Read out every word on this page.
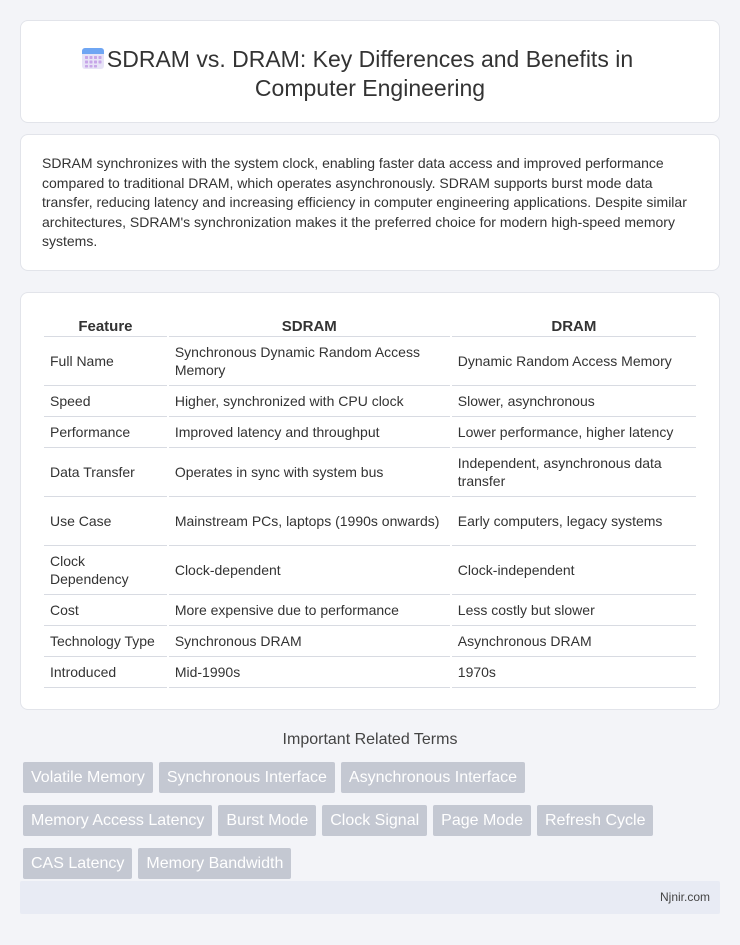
SDRAM vs. DRAM: Key Differences and Benefits in Computer Engineering

SDRAM synchronizes with the system clock, enabling faster data access and improved performance compared to traditional DRAM, which operates asynchronously. SDRAM supports burst mode data transfer, reducing latency and increasing efficiency in computer engineering applications. Despite similar architectures, SDRAM's synchronization makes it the preferred choice for modern high-speed memory systems.

Feature	SDRAM	DRAM
Full Name	Synchronous Dynamic Random Access Memory	Dynamic Random Access Memory
Speed	Higher, synchronized with CPU clock	Slower, asynchronous
Performance	Improved latency and throughput	Lower performance, higher latency
Data Transfer	Operates in sync with system bus	Independent, asynchronous data transfer
Use Case	Mainstream PCs, laptops (1990s onwards)	Early computers, legacy systems
Clock Dependency	Clock-dependent	Clock-independent
Cost	More expensive due to performance	Less costly but slower
Technology Type	Synchronous DRAM	Asynchronous DRAM
Introduced	Mid-1990s	1970s
Important Related Terms
Volatile Memory	Synchronous Interface	Asynchronous Interface
Memory Access Latency	Burst Mode	Clock Signal	Page Mode	Refresh Cycle
CAS Latency	Memory Bandwidth
Njnir.com
